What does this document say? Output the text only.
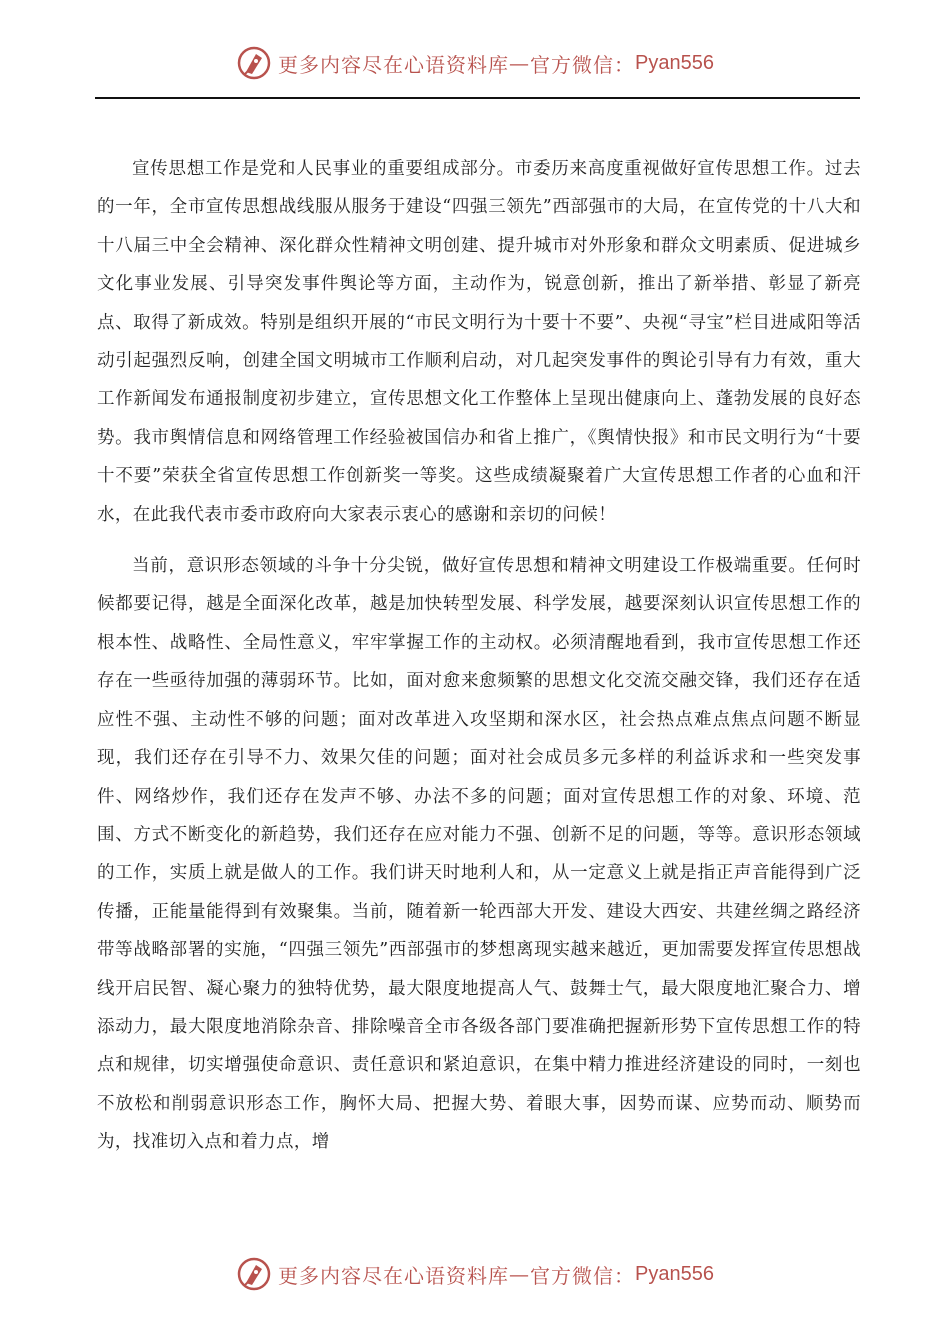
更多内容尽在心语资料库 — 官方微信： Pyan556

宣传思想工作是党和人民事业的重要组成部分。市委历来高度重视做好宣传思想工作。过去的一年，全市宣传思想战线服从服务于建设“四强三领先”西部强市的大局，在宣传党的十八大和十八届三中全会精神、深化群众性精神文明创建、提升城市对外形象和群众文明素质、促进城乡文化事业发展、引导突发事件舆论等方面，主动作为，锐意创新，推出了新举措、彰显了新亮点、取得了新成效。特别是组织开展的“市民文明行为十要十不要”、央视“寻宝”栏目进咸阳等活动引起强烈反响，创建全国文明城市工作顺利启动，对几起突发事件的舆论引导有力有效，重大工作新闻发布通报制度初步建立，宣传思想文化工作整体上呈现出健康向上、蓬勃发展的良好态势。我市舆情信息和网络管理工作经验被国信办和省上推广，《舆情快报》和市民文明行为“十要十不要”荣获全省宣传思想工作创新奖一等奖。这些成绩凝聚着广大宣传思想工作者的心血和汗水，在此我代表市委市政府向大家表示衷心的感谢和亲切的问候！

当前，意识形态领域的斗争十分尖锐，做好宣传思想和精神文明建设工作极端重要。任何时候都要记得，越是全面深化改革，越是加快转型发展、科学发展，越要深刻认识宣传思想工作的根本性、战略性、全局性意义，牢牢掌握工作的主动权。必须清醒地看到，我市宣传思想工作还存在一些亟待加强的薄弱环节。比如，面对愈来愈频繁的思想文化交流交融交锋，我们还存在适应性不强、主动性不够的问题；面对改革进入攻坚期和深水区，社会热点难点焦点问题不断显现，我们还存在引导不力、效果欠佳的问题；面对社会成员多元多样的利益诉求和一些突发事件、网络炒作，我们还存在发声不够、办法不多的问题；面对宣传思想工作的对象、环境、范围、方式不断变化的新趋势，我们还存在应对能力不强、创新不足的问题，等等。意识形态领域的工作，实质上就是做人的工作。我们讲天时地利人和，从一定意义上就是指正声音能得到广泛传播，正能量能得到有效聚集。当前，随着新一轮西部大开发、建设大西安、共建丝绸之路经济带等战略部署的实施，“四强三领先”西部强市的梦想离现实越来越近，更加需要发挥宣传思想战线开启民智、凝心聚力的独特优势，最大限度地提高人气、鼓舞士气，最大限度地汇聚合力、增添动力，最大限度地消除杂音、排除噪音全市各级各部门要准确把握新形势下宣传思想工作的特点和规律，切实增强使命意识、责任意识和紧迫意识，在集中精力推进经济建设的同时，一刻也不放松和削弱意识形态工作，胸怀大局、把握大势、着眼大事，因势而谋、应势而动、顺势而为，找准切入点和着力点，增

更多内容尽在心语资料库 — 官方微信： Pyan556
